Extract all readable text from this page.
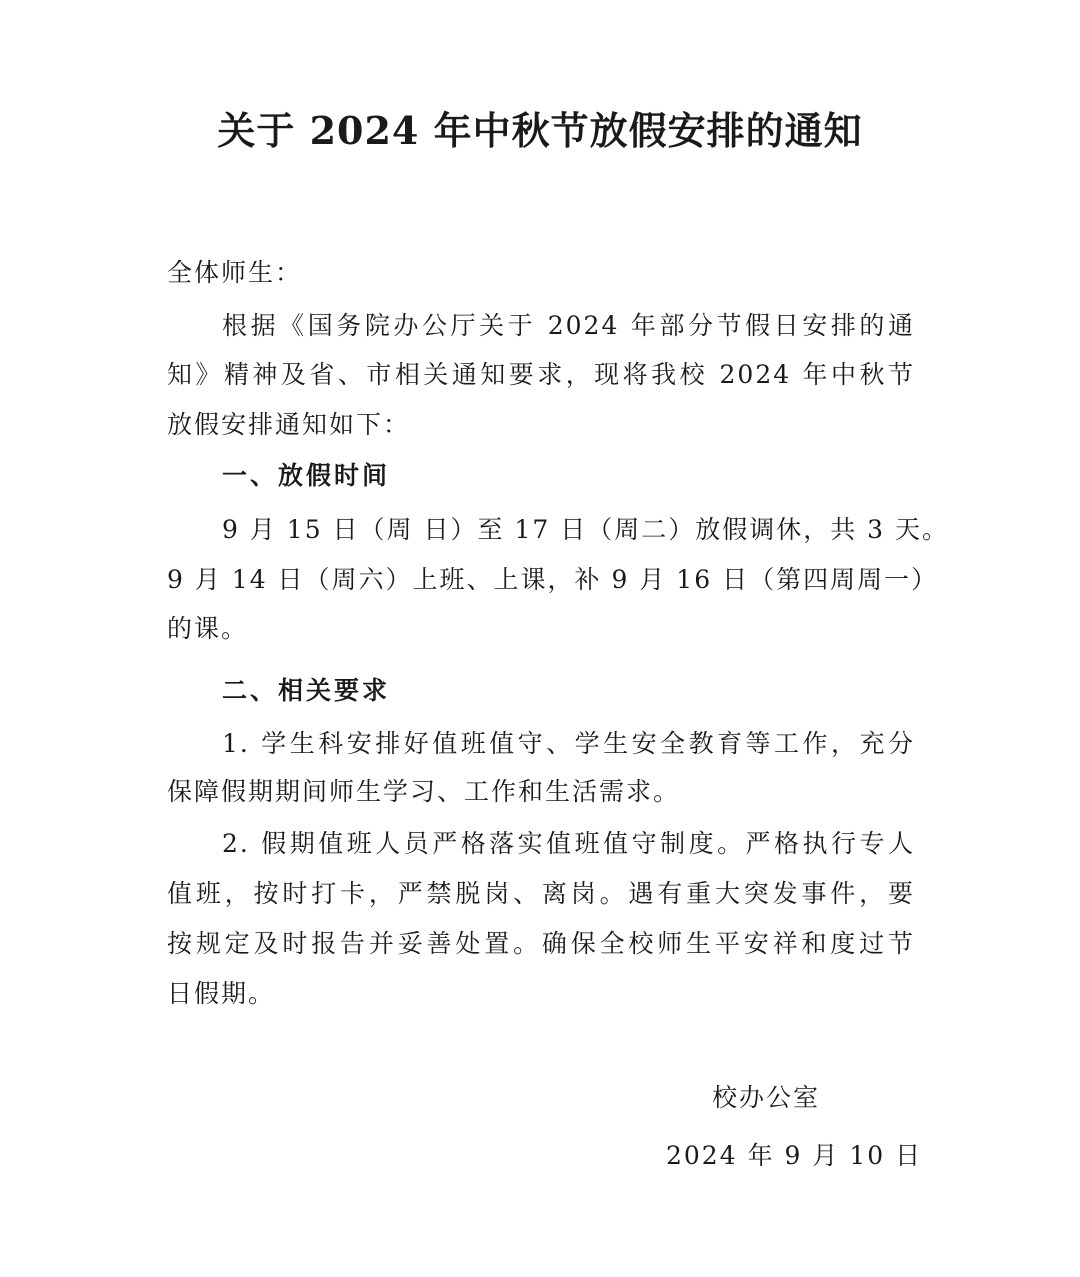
关于 2024 年中秋节放假安排的通知
全体师生：
根据《国务院办公厅关于 2024 年部分节假日安排的通
知》精神及省、市相关通知要求，现将我校 2024 年中秋节
放假安排通知如下：
一、放假时间
9 月 15 日（周 日）至 17 日（周二）放假调休，共 3 天。
9 月 14 日（周六）上班、上课，补 9 月 16 日（第四周周一）
的课。
二、相关要求
1. 学生科安排好值班值守、学生安全教育等工作，充分
保障假期期间师生学习、工作和生活需求。
2. 假期值班人员严格落实值班值守制度。严格执行专人
值班，按时打卡，严禁脱岗、离岗。遇有重大突发事件，要
按规定及时报告并妥善处置。确保全校师生平安祥和度过节
日假期。
校办公室
2024 年 9 月 10 日
